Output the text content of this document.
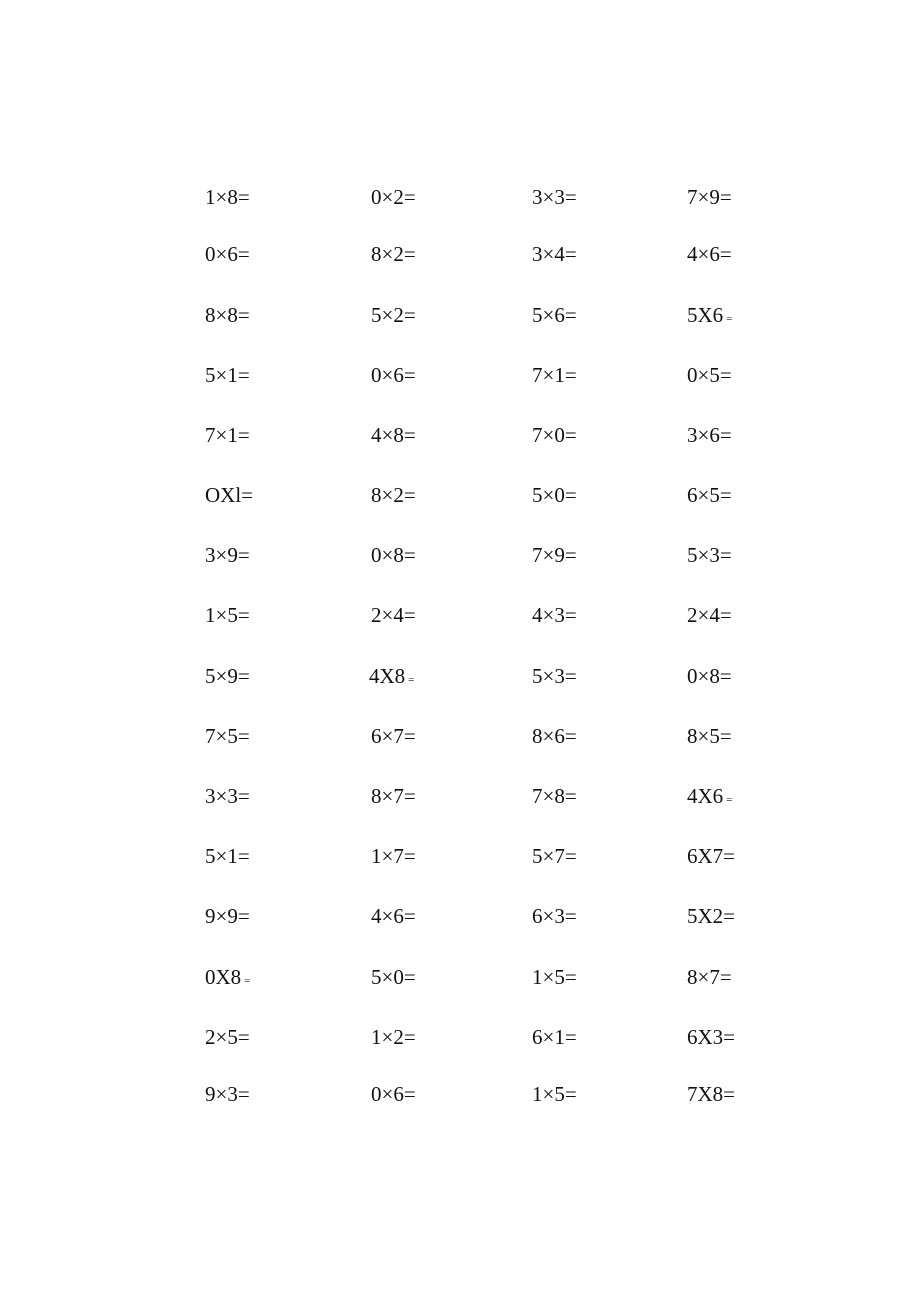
1×8=	0×2=	3×3=	7×9=
0×6=	8×2=	3×4=	4×6=
8×8=	5×2=	5×6=	5X6 =
5×1=	0×6=	7×1=	0×5=
7×1=	4×8=	7×0=	3×6=
OXl=	8×2=	5×0=	6×5=
3×9=	0×8=	7×9=	5×3=
1×5=	2×4=	4×3=	2×4=
5×9=	4X8 =	5×3=	0×8=
7×5=	6×7=	8×6=	8×5=
3×3=	8×7=	7×8=	4X6 =
5×1=	1×7=	5×7=	6X7=
9×9=	4×6=	6×3=	5X2=
0X8 =	5×0=	1×5=	8×7=
2×5=	1×2=	6×1=	6X3=
9×3=	0×6=	1×5=	7X8=
